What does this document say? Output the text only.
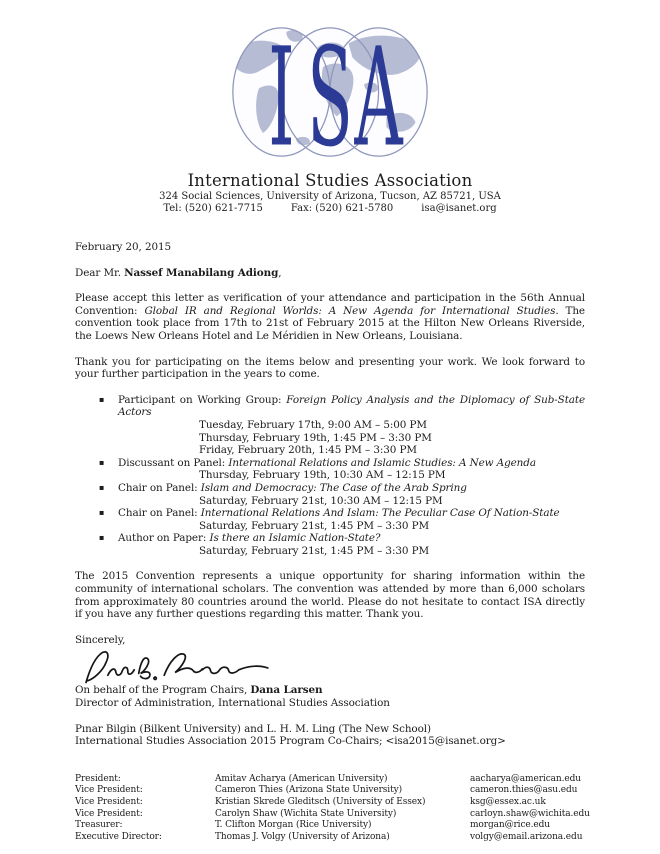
I S A
International Studies Association
324 Social Sciences, University of Arizona, Tucson, AZ 85721, USA
Tel: (520) 621-7715	Fax: (520) 621-5780	isa@isanet.org
February 20, 2015
Dear Mr. Nassef Manabilang Adiong,

Please accept this letter as verification of your attendance and participation in the 56th Annual Convention: Global IR and Regional Worlds: A New Agenda for International Studies. The convention took place from 17th to 21st of February 2015 at the Hilton New Orleans Riverside, the Loews New Orleans Hotel and Le Méridien in New Orleans, Louisiana.

Thank you for participating on the items below and presenting your work. We look forward to your further participation in the years to come.

▪ Participant on Working Group: Foreign Policy Analysis and the Diplomacy of Sub-State Actors
Tuesday, February 17th, 9:00 AM – 5:00 PM
Thursday, February 19th, 1:45 PM – 3:30 PM
Friday, February 20th, 1:45 PM – 3:30 PM
▪ Discussant on Panel: International Relations and Islamic Studies: A New Agenda
Thursday, February 19th, 10:30 AM – 12:15 PM
▪ Chair on Panel: Islam and Democracy: The Case of the Arab Spring
Saturday, February 21st, 10:30 AM – 12:15 PM
▪ Chair on Panel: International Relations And Islam: The Peculiar Case Of Nation-State
Saturday, February 21st, 1:45 PM – 3:30 PM
▪ Author on Paper: Is there an Islamic Nation-State?
Saturday, February 21st, 1:45 PM – 3:30 PM

The 2015 Convention represents a unique opportunity for sharing information within the community of international scholars. The convention was attended by more than 6,000 scholars from approximately 80 countries around the world. Please do not hesitate to contact ISA directly if you have any further questions regarding this matter. Thank you.

Sincerely,
On behalf of the Program Chairs, Dana Larsen
Director of Administration, International Studies Association
Pınar Bilgin (Bilkent University) and L. H. M. Ling (The New School)
International Studies Association 2015 Program Co-Chairs; <isa2015@isanet.org>
President:	Amitav Acharya (American University)	aacharya@american.edu
Vice President:	Cameron Thies (Arizona State University)	cameron.thies@asu.edu
Vice President:	Kristian Skrede Gleditsch (University of Essex)	ksg@essex.ac.uk
Vice President:	Carolyn Shaw (Wichita State University)	carloyn.shaw@wichita.edu
Treasurer:	T. Clifton Morgan (Rice University)	morgan@rice.edu
Executive Director:	Thomas J. Volgy (University of Arizona)	volgy@email.arizona.edu
